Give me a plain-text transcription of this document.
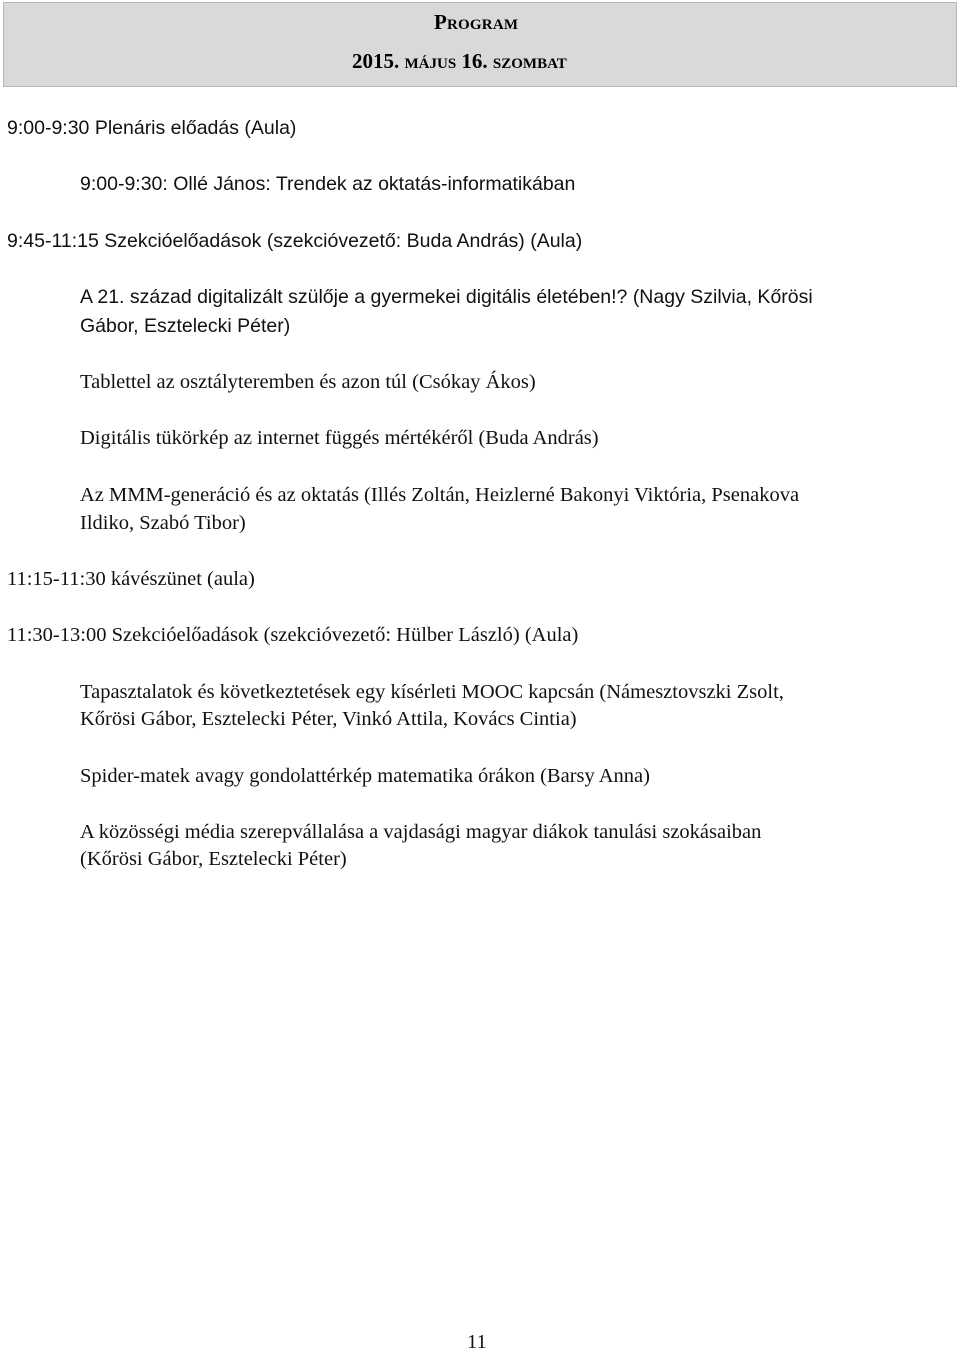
Program
2015. május 16. szombat
9:00-9:30 Plenáris előadás (Aula)
9:00-9:30: Ollé János: Trendek az oktatás-informatikában
9:45-11:15 Szekcióelőadások (szekcióvezető: Buda András) (Aula)
A 21. század digitalizált szülője a gyermekei digitális életében!? (Nagy Szilvia, Kőrösi
Gábor, Esztelecki Péter)
Tablettel az osztályteremben és azon túl (Csókay Ákos)
Digitális tükörkép az internet függés mértékéről (Buda András)
Az MMM-generáció és az oktatás (Illés Zoltán, Heizlerné Bakonyi Viktória, Psenakova
Ildiko, Szabó Tibor)
11:15-11:30 kávészünet (aula)
11:30-13:00 Szekcióelőadások (szekcióvezető: Hülber László) (Aula)
Tapasztalatok és következtetések egy kísérleti MOOC kapcsán (Námesztovszki Zsolt,
Kőrösi Gábor, Esztelecki Péter, Vinkó Attila, Kovács Cintia)
Spider-matek avagy gondolattérkép matematika órákon (Barsy Anna)
A közösségi média szerepvállalása a vajdasági magyar diákok tanulási szokásaiban
(Kőrösi Gábor, Esztelecki Péter)
11
